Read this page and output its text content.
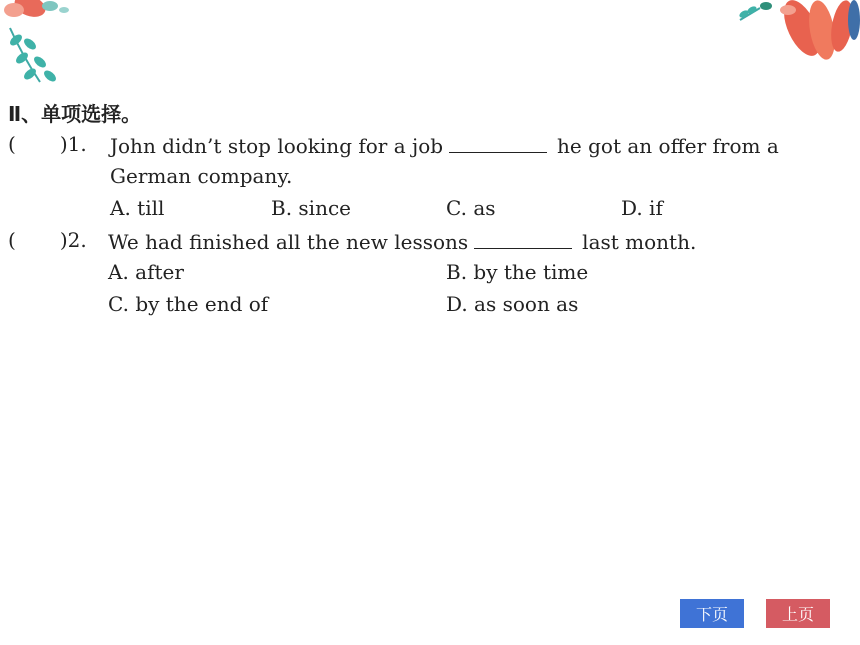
Ⅱ、单项选择。
( )1. John didn’t stop looking for a job	he got an offer from a
German company.
A. till	B. since	C. as	D. if
( )2. We had finished all the new lessons	last month.
A. after	B. by the time
C. by the end of	D. as soon as
下页	上页
